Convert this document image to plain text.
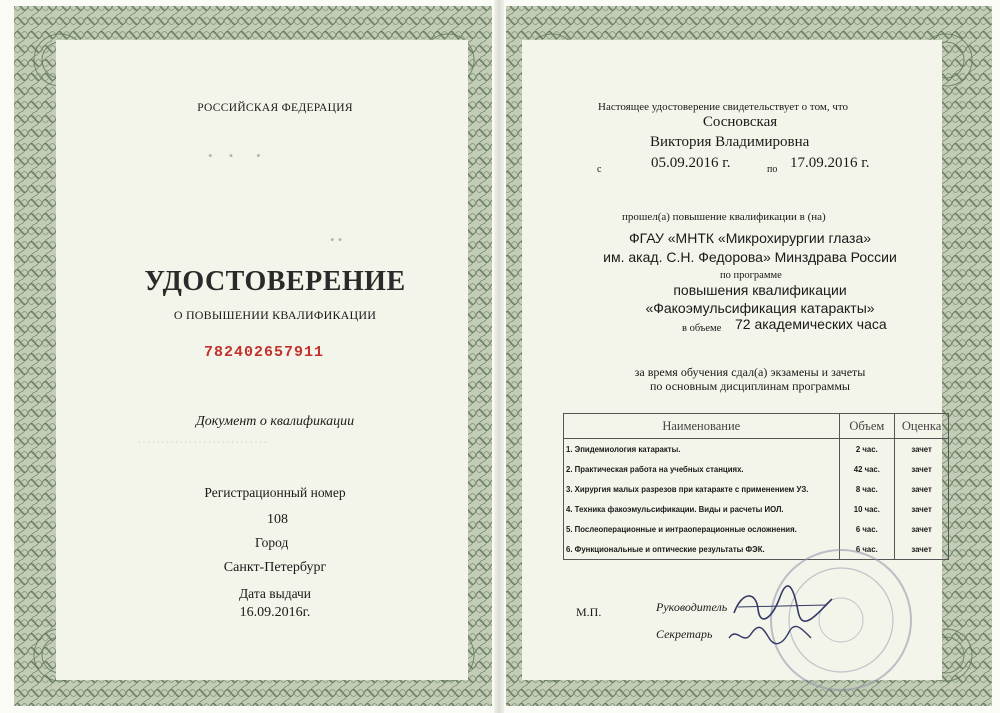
•     •       •
• •
РОССИЙСКАЯ ФЕДЕРАЦИЯ
УДОСТОВЕРЕНИЕ
О ПОВЫШЕНИИ КВАЛИФИКАЦИИ
782402657911
Документ о квалификации
· · · · · · · · · · · · · · · · · · · · · · · · · · · ·
Регистрационный номер
108
Город
Санкт-Петербург
Дата выдачи
16.09.2016г.
Настоящее удостоверение свидетельствует о том, что
Сосновская
Виктория Владимировна
с	05.09.2016 г.	по 17.09.2016 г.
прошел(а) повышение квалификации в (на)
ФГАУ «МНТК «Микрохирургии глаза»
им. акад. С.Н. Федорова» Минздрава России
по программе
повышения квалификации
«Факоэмульсификация катаракты»
в объеме 72 академических часа
за время обучения сдал(а) экзамены и зачеты
по основным дисциплинам программы
Наименование	Объем	Оценка
1. Эпидемиология катаракты.	2 час.	зачет
2. Практическая работа на учебных станциях.	42 час.	зачет
3. Хирургия малых разрезов при катаракте с применением УЗ.	8 час.	зачет
4. Техника факоэмульсификации. Виды и расчеты ИОЛ.	10 час.	зачет
5. Послеоперационные и интраоперационные осложнения.	6 час.	зачет
6. Функциональные и оптические результаты ФЭК.	6 час.	зачет
М.П.	Руководитель
Секретарь
